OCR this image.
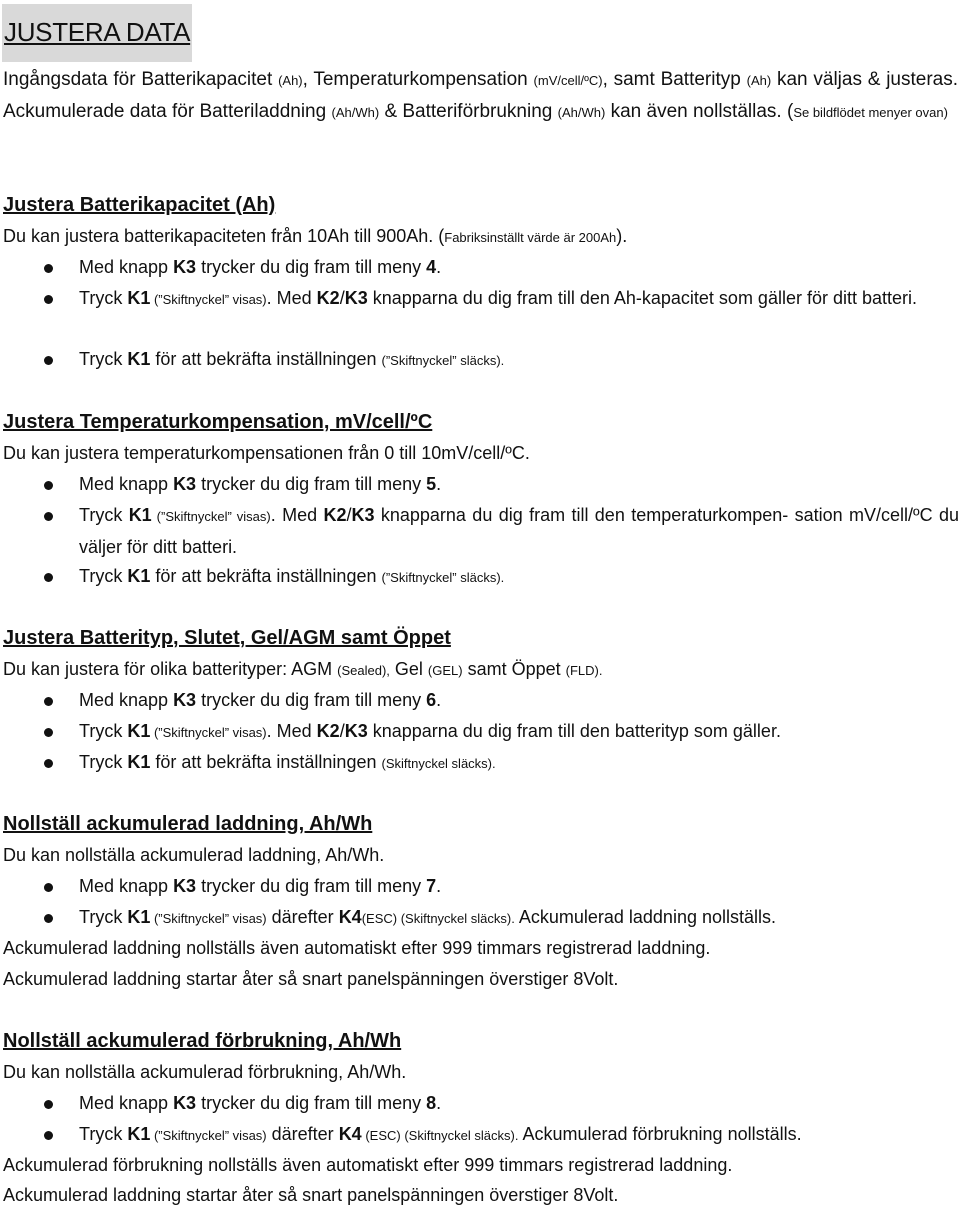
JUSTERA DATA
Ingångsdata för Batterikapacitet (Ah), Temperaturkompensation (mV/cell/ºC), samt Batterityp (Ah) kan väljas & justeras. Ackumulerade data för Batteriladdning (Ah/Wh) & Batteriförbrukning (Ah/Wh) kan även nollställas. (Se bildflödet menyer ovan)
Justera Batterikapacitet (Ah)
Du kan justera batterikapaciteten från 10Ah till 900Ah. (Fabriksinställt värde är 200Ah).
Med knapp K3 trycker du dig fram till meny 4.
Tryck K1 (”Skiftnyckel” visas). Med K2/K3 knapparna du dig fram till den Ah-kapacitet som gäller för ditt batteri.
Tryck K1 för att bekräfta inställningen (”Skiftnyckel” släcks).
Justera Temperaturkompensation, mV/cell/ºC
Du kan justera temperaturkompensationen från 0 till 10mV/cell/ºC.
Med knapp K3 trycker du dig fram till meny 5.
Tryck K1 (”Skiftnyckel” visas). Med K2/K3 knapparna du dig fram till den temperaturkompen- sation mV/cell/ºC du väljer för ditt batteri.
Tryck K1 för att bekräfta inställningen (”Skiftnyckel” släcks).
Justera Batterityp, Slutet, Gel/AGM samt Öppet
Du kan justera för olika batterityper: AGM (Sealed), Gel (GEL) samt Öppet (FLD).
Med knapp K3 trycker du dig fram till meny 6.
Tryck K1 (”Skiftnyckel” visas). Med K2/K3 knapparna du dig fram till den batterityp som gäller.
Tryck K1 för att bekräfta inställningen (Skiftnyckel släcks).
Nollställ ackumulerad laddning, Ah/Wh
Du kan nollställa ackumulerad laddning, Ah/Wh.
Med knapp K3 trycker du dig fram till meny 7.
Tryck K1 (”Skiftnyckel” visas) därefter K4(ESC) (Skiftnyckel släcks). Ackumulerad laddning nollställs.
Ackumulerad laddning nollställs även automatiskt efter 999 timmars registrerad laddning.
Ackumulerad laddning startar åter så snart panelspänningen överstiger 8Volt.
Nollställ ackumulerad förbrukning, Ah/Wh
Du kan nollställa ackumulerad förbrukning, Ah/Wh.
Med knapp K3 trycker du dig fram till meny 8.
Tryck K1 (”Skiftnyckel” visas) därefter K4 (ESC) (Skiftnyckel släcks). Ackumulerad förbrukning nollställs.
Ackumulerad förbrukning nollställs även automatiskt efter 999 timmars registrerad laddning.
Ackumulerad laddning startar åter så snart panelspänningen överstiger 8Volt.
